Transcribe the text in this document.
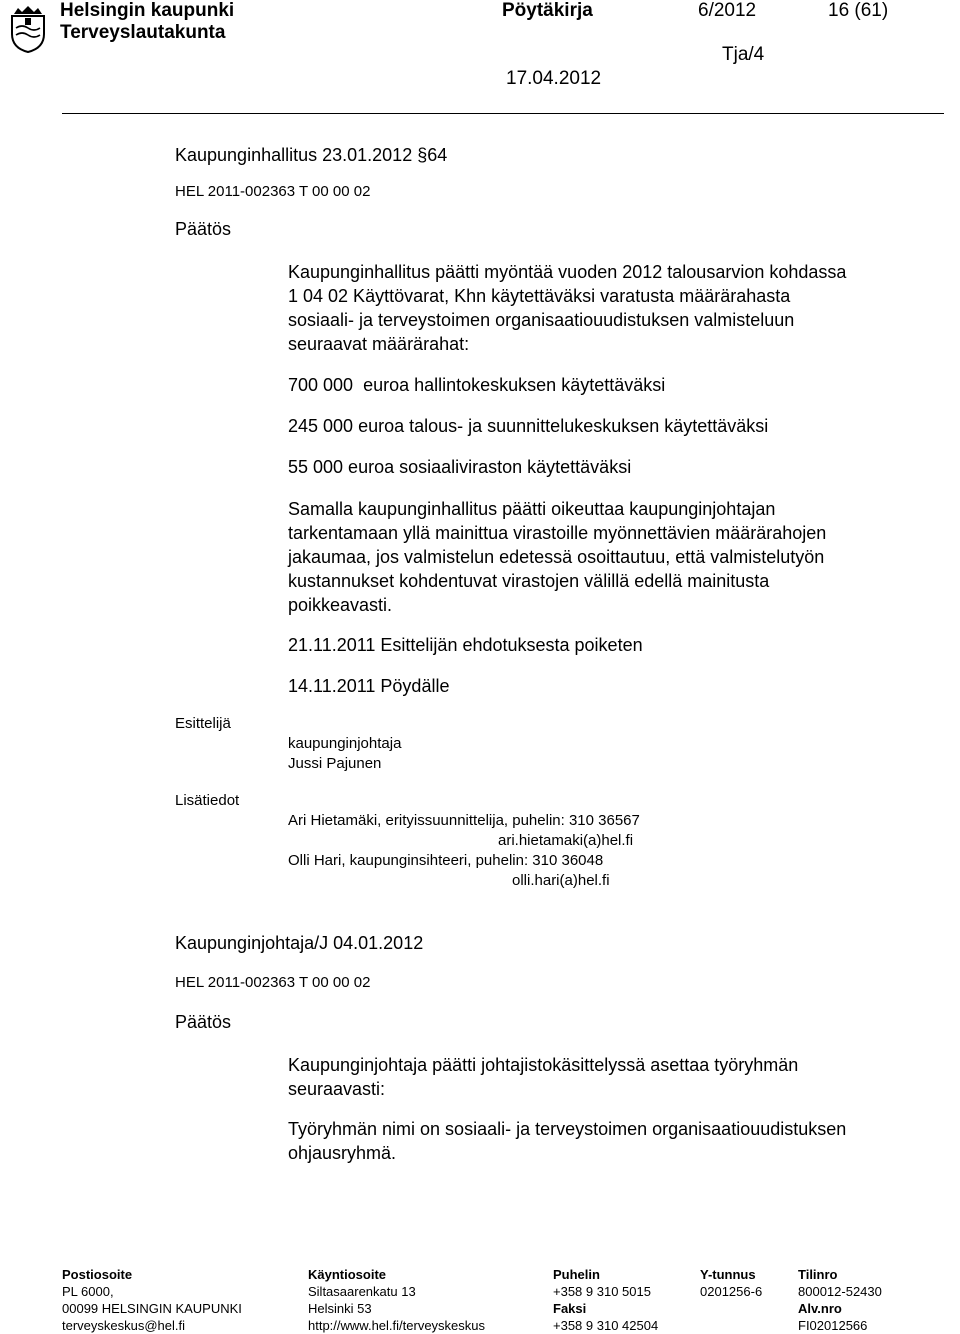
Helsingin kaupunki
Terveyslautakunta
Pöytäkirja	6/2012	16 (61)
Tja/4
17.04.2012
Kaupunginhallitus 23.01.2012 §64
HEL 2011-002363 T 00 00 02
Päätös
Kaupunginhallitus päätti myöntää vuoden 2012 talousarvion kohdassa
1 04 02 Käyttövarat, Khn käytettäväksi varatusta määrärahasta
sosiaali- ja terveystoimen organisaatiouudistuksen valmisteluun
seuraavat määrärahat:
700 000  euroa hallintokeskuksen käytettäväksi
245 000 euroa talous- ja suunnittelukeskuksen käytettäväksi
55 000 euroa sosiaaliviraston käytettäväksi
Samalla kaupunginhallitus päätti oikeuttaa kaupunginjohtajan
tarkentamaan yllä mainittua virastoille myönnettävien määrärahojen
jakaumaa, jos valmistelun edetessä osoittautuu, että valmistelutyön
kustannukset kohdentuvat virastojen välillä edellä mainitusta
poikkeavasti.
21.11.2011 Esittelijän ehdotuksesta poiketen
14.11.2011 Pöydälle
Esittelijä
kaupunginjohtaja
Jussi Pajunen
Lisätiedot
Ari Hietamäki, erityissuunnittelija, puhelin: 310 36567
ari.hietamaki(a)hel.fi
Olli Hari, kaupunginsihteeri, puhelin: 310 36048
olli.hari(a)hel.fi
Kaupunginjohtaja/J 04.01.2012
HEL 2011-002363 T 00 00 02
Päätös
Kaupunginjohtaja päätti johtajistokäsittelyssä asettaa työryhmän
seuraavasti:
Työryhmän nimi on sosiaali- ja terveystoimen organisaatiouudistuksen
ohjausryhmä.
Postiosoite
PL 6000,
00099 HELSINGIN KAUPUNKI
terveyskeskus@hel.fi
Käyntiosoite
Siltasaarenkatu 13
Helsinki 53
http://www.hel.fi/terveyskeskus
Puhelin
+358 9 310 5015
Faksi
+358 9 310 42504
Y-tunnus
0201256-6
Tilinro
800012-52430
Alv.nro
FI02012566
